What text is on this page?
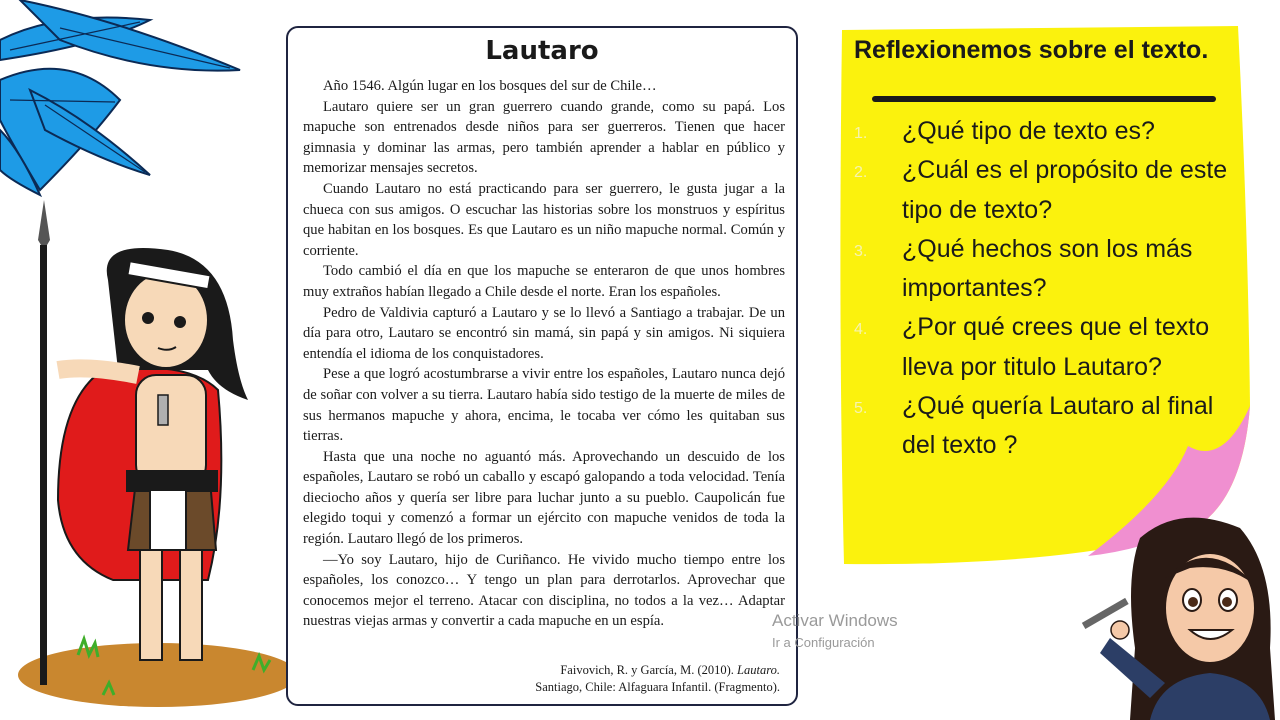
Lautaro

Año 1546. Algún lugar en los bosques del sur de Chile…

Lautaro quiere ser un gran guerrero cuando grande, como su papá. Los mapuche son entrenados desde niños para ser guerreros. Tienen que hacer gimnasia y dominar las armas, pero también aprender a hablar en público y memorizar mensajes secretos.

Cuando Lautaro no está practicando para ser guerrero, le gusta jugar a la chueca con sus amigos. O escuchar las historias sobre los monstruos y espíritus que habitan en los bosques. Es que Lautaro es un niño mapuche normal. Común y corriente.

Todo cambió el día en que los mapuche se enteraron de que unos hombres muy extraños habían llegado a Chile desde el norte. Eran los españoles.

Pedro de Valdivia capturó a Lautaro y se lo llevó a Santiago a trabajar. De un día para otro, Lautaro se encontró sin mamá, sin papá y sin amigos. Ni siquiera entendía el idioma de los conquistadores.

Pese a que logró acostumbrarse a vivir entre los españoles, Lautaro nunca dejó de soñar con volver a su tierra. Lautaro había sido testigo de la muerte de miles de sus hermanos mapuche y ahora, encima, le tocaba ver cómo les quitaban sus tierras.

Hasta que una noche no aguantó más. Aprovechando un descuido de los españoles, Lautaro se robó un caballo y escapó galopando a toda velocidad. Tenía dieciocho años y quería ser libre para luchar junto a su pueblo. Caupolicán fue elegido toqui y comenzó a formar un ejército con mapuche venidos de toda la región. Lautaro llegó de los primeros.

—Yo soy Lautaro, hijo de Curiñanco. He vivido mucho tiempo entre los españoles, los conozco… Y tengo un plan para derrotarlos. Aprovechar que conocemos mejor el terreno. Atacar con disciplina, no todos a la vez… Adaptar nuestras viejas armas y convertir a cada mapuche en un espía.

Faivovich, R. y García, M. (2010). Lautaro.
Santiago, Chile: Alfaguara Infantil. (Fragmento).
Reflexionemos sobre el texto.
1. ¿Qué tipo de texto es?
2. ¿Cuál es el propósito de este tipo de texto?
3. ¿Qué hechos son los más importantes?
4. ¿Por qué crees que el texto lleva por titulo Lautaro?
5. ¿Qué quería Lautaro al final del texto ?
Activar Windows
Ir a Configuración
